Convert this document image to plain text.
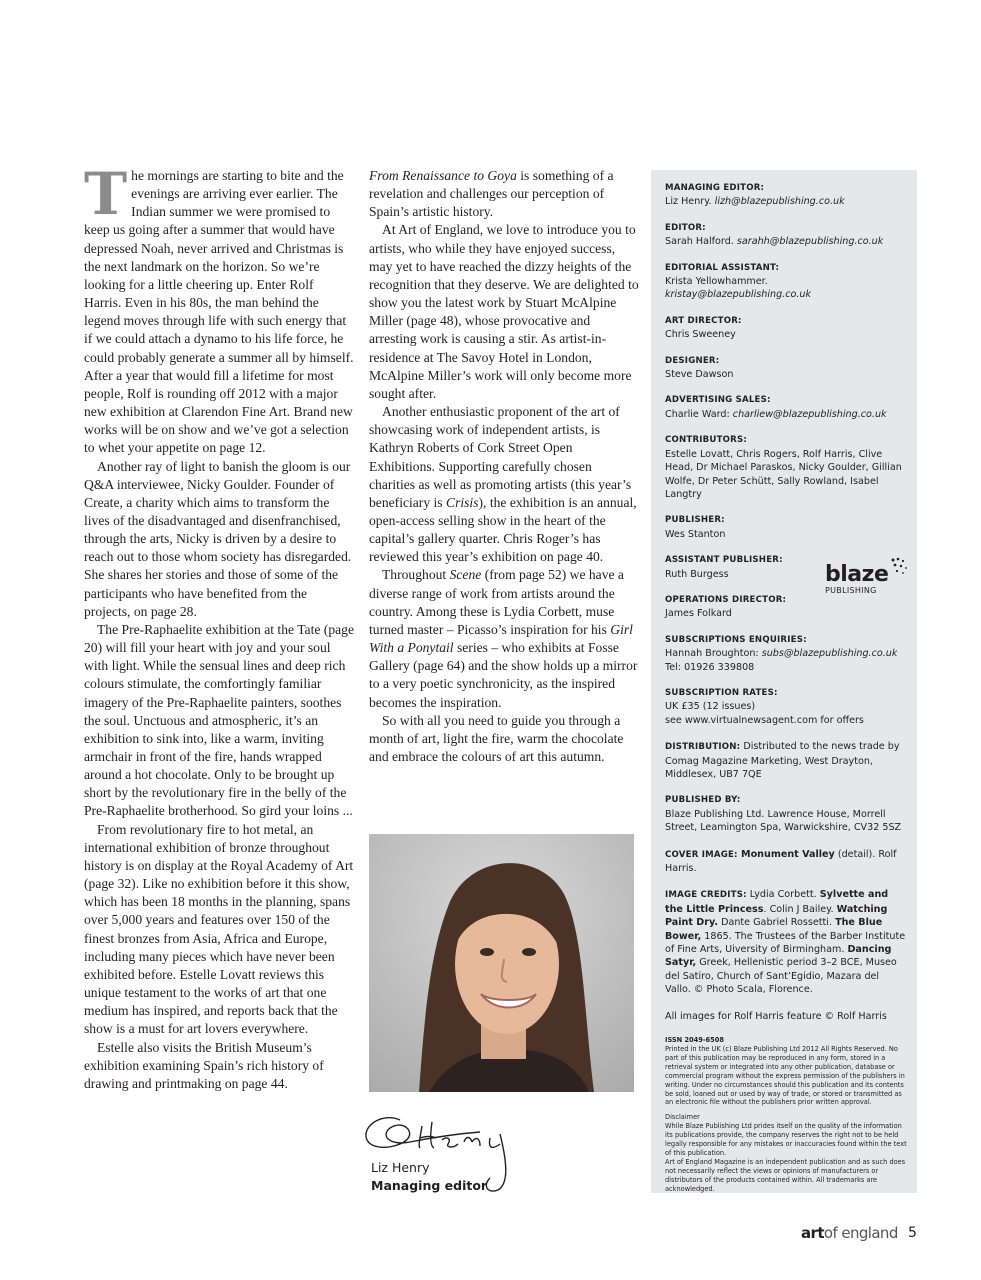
The mornings are starting to bite and the evenings are arriving ever earlier. The Indian summer we were promised to keep us going after a summer that would have depressed Noah, never arrived and Christmas is the next landmark on the horizon. So we’re looking for a little cheering up. Enter Rolf Harris. Even in his 80s, the man behind the legend moves through life with such energy that if we could attach a dynamo to his life force, he could probably generate a summer all by himself. After a year that would fill a lifetime for most people, Rolf is rounding off 2012 with a major new exhibition at Clarendon Fine Art. Brand new works will be on show and we’ve got a selection to whet your appetite on page 12.

Another ray of light to banish the gloom is our Q&A interviewee, Nicky Goulder. Founder of Create, a charity which aims to transform the lives of the disadvantaged and disenfranchised, through the arts, Nicky is driven by a desire to reach out to those whom society has disregarded. She shares her stories and those of some of the participants who have benefited from the projects, on page 28.

The Pre-Raphaelite exhibition at the Tate (page 20) will fill your heart with joy and your soul with light. While the sensual lines and deep rich colours stimulate, the comfortingly familiar imagery of the Pre-Raphaelite painters, soothes the soul. Unctuous and atmospheric, it’s an exhibition to sink into, like a warm, inviting armchair in front of the fire, hands wrapped around a hot chocolate. Only to be brought up short by the revolutionary fire in the belly of the Pre-Raphaelite brotherhood. So gird your loins ...

From revolutionary fire to hot metal, an international exhibition of bronze throughout history is on display at the Royal Academy of Art (page 32). Like no exhibition before it this show, which has been 18 months in the planning, spans over 5,000 years and features over 150 of the finest bronzes from Asia, Africa and Europe, including many pieces which have never been exhibited before. Estelle Lovatt reviews this unique testament to the works of art that one medium has inspired, and reports back that the show is a must for art lovers everywhere.

Estelle also visits the British Museum’s exhibition examining Spain’s rich history of drawing and printmaking on page 44.

From Renaissance to Goya is something of a revelation and challenges our perception of Spain’s artistic history.

At Art of England, we love to introduce you to artists, who while they have enjoyed success, may yet to have reached the dizzy heights of the recognition that they deserve. We are delighted to show you the latest work by Stuart McAlpine Miller (page 48), whose provocative and arresting work is causing a stir. As artist-in-residence at The Savoy Hotel in London, McAlpine Miller’s work will only become more sought after.

Another enthusiastic proponent of the art of showcasing work of independent artists, is Kathryn Roberts of Cork Street Open Exhibitions. Supporting carefully chosen charities as well as promoting artists (this year’s beneficiary is Crisis), the exhibition is an annual, open-access selling show in the heart of the capital’s gallery quarter. Chris Roger’s has reviewed this year’s exhibition on page 40.

Throughout Scene (from page 52) we have a diverse range of work from artists around the country. Among these is Lydia Corbett, muse turned master – Picasso’s inspiration for his Girl With a Ponytail series – who exhibits at Fosse Gallery (page 64) and the show holds up a mirror to a very poetic synchronicity, as the inspired becomes the inspiration.

So with all you need to guide you through a month of art, light the fire, warm the chocolate and embrace the colours of art this autumn.

Liz Henry
Managing editor
MANAGING EDITOR:
Liz Henry. lizh@blazepublishing.co.uk
EDITOR:
Sarah Halford. sarahh@blazepublishing.co.uk
EDITORIAL ASSISTANT:
Krista Yellowhammer. kristay@blazepublishing.co.uk
ART DIRECTOR:
Chris Sweeney
DESIGNER:
Steve Dawson
ADVERTISING SALES:
Charlie Ward: charliew@blazepublishing.co.uk
CONTRIBUTORS:
Estelle Lovatt, Chris Rogers, Rolf Harris, Clive Head, Dr Michael Paraskos, Nicky Goulder, Gillian Wolfe, Dr Peter Schütt, Sally Rowland, Isabel Langtry
PUBLISHER:
Wes Stanton
ASSISTANT PUBLISHER:
Ruth Burgess
OPERATIONS DIRECTOR:
James Folkard
SUBSCRIPTIONS ENQUIRIES:
Hannah Broughton: subs@blazepublishing.co.uk
Tel: 01926 339808
SUBSCRIPTION RATES:
UK £35 (12 issues)
see www.virtualnewsagent.com for offers
DISTRIBUTION: Distributed to the news trade by Comag Magazine Marketing, West Drayton, Middlesex, UB7 7QE
PUBLISHED BY:
Blaze Publishing Ltd. Lawrence House, Morrell Street, Leamington Spa, Warwickshire, CV32 5SZ
COVER IMAGE: Monument Valley (detail). Rolf Harris.
IMAGE CREDITS: Lydia Corbett. Sylvette and the Little Princess. Colin J Bailey. Watching Paint Dry. Dante Gabriel Rossetti. The Blue Bower, 1865. The Trustees of the Barber Institute of Fine Arts, Uiversity of Birmingham. Dancing Satyr, Greek, Hellenistic period 3–2 BCE, Museo del Satiro, Church of Sant’Egidio, Mazara del Vallo. © Photo Scala, Florence.
All images for Rolf Harris feature © Rolf Harris
ISSN 2049-6508
Printed in the UK (c) Blaze Publishing Ltd 2012 All Rights Reserved. No part of this publication may be reproduced in any form, stored in a retrieval system or integrated into any other publication, database or commercial program without the express permission of the publishers in writing. Under no circumstances should this publication and its contents be sold, loaned out or used by way of trade, or stored or transmitted as an electronic file without the publishers prior written approval.
Disclaimer
While Blaze Publishing Ltd prides itself on the quality of the information its publications provide, the company reserves the right not to be held legally responsible for any mistakes or inaccuracies found within the text of this publication.
Art of England Magazine is an independent publication and as such does not necessarily reflect the views or opinions of manufacturers or distributors of the products contained within. All trademarks are acknowledged.
blaze
PUBLISHING
artof england 5
